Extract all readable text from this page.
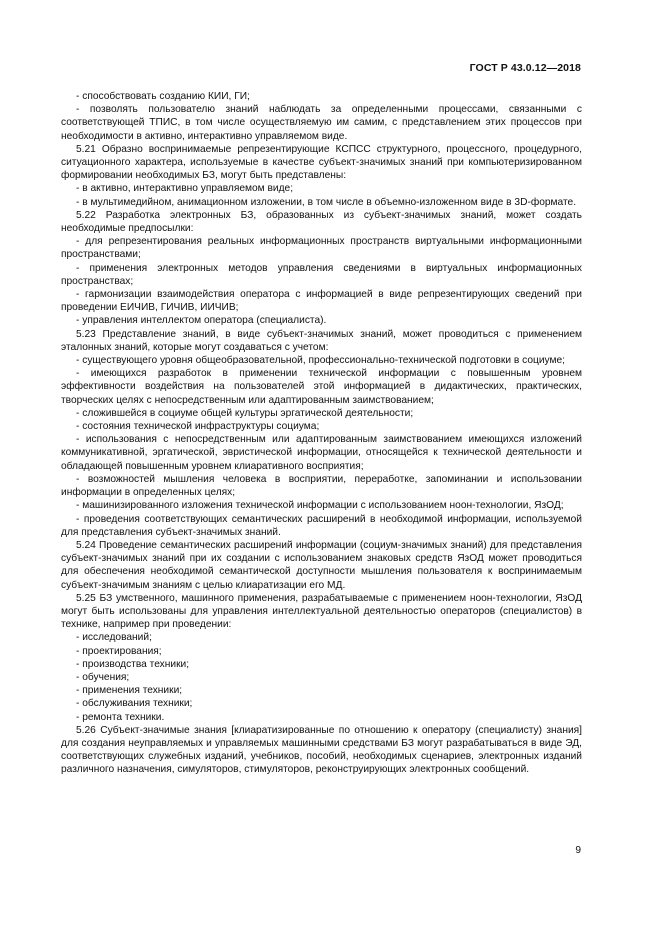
ГОСТ Р 43.0.12—2018

- способствовать созданию КИИ, ГИ;

- позволять пользователю знаний наблюдать за определенными процессами, связанными с соответствующей ТПИС, в том числе осуществляемую им самим, с представлением этих процессов при необходимости в активно, интерактивно управляемом виде.

5.21 Образно воспринимаемые репрезентирующие КСПСС структурного, процессного, процедурного, ситуационного характера, используемые в качестве субъект-значимых знаний при компьютеризированном формировании необходимых БЗ, могут быть представлены:

- в активно, интерактивно управляемом виде;

- в мультимедийном, анимационном изложении, в том числе в объемно-изложенном виде в 3D-формате.

5.22 Разработка электронных БЗ, образованных из субъект-значимых знаний, может создать необходимые предпосылки:

- для репрезентирования реальных информационных пространств виртуальными информационными пространствами;

- применения электронных методов управления сведениями в виртуальных информационных пространствах;

- гармонизации взаимодействия оператора с информацией в виде репрезентирующих сведений при проведении ЕИЧИВ, ГИЧИВ, ИИЧИВ;

- управления интеллектом оператора (специалиста).

5.23 Представление знаний, в виде субъект-значимых знаний, может проводиться с применением эталонных знаний, которые могут создаваться с учетом:

- существующего уровня общеобразовательной, профессионально-технической подготовки в социуме;

- имеющихся разработок в применении технической информации с повышенным уровнем эффективности воздействия на пользователей этой информацией в дидактических, практических, творческих целях с непосредственным или адаптированным заимствованием;

- сложившейся в социуме общей культуры эргатической деятельности;

- состояния технической инфраструктуры социума;

- использования с непосредственным или адаптированным заимствованием имеющихся изложений коммуникативной, эргатической, эвристической информации, относящейся к технической деятельности и обладающей повышенным уровнем клиаративного восприятия;

- возможностей мышления человека в восприятии, переработке, запоминании и использовании информации в определенных целях;

- машинизированного изложения технической информации с использованием ноон-технологии, ЯзОД;

- проведения соответствующих семантических расширений в необходимой информации, используемой для представления субъект-значимых знаний.

5.24 Проведение семантических расширений информации (социум-значимых знаний) для представления субъект-значимых знаний при их создании с использованием знаковых средств ЯзОД может проводиться для обеспечения необходимой семантической доступности мышления пользователя к воспринимаемым субъект-значимым знаниям с целью клиаратизации его МД.

5.25 БЗ умственного, машинного применения, разрабатываемые с применением ноон-технологии, ЯзОД могут быть использованы для управления интеллектуальной деятельностью операторов (специалистов) в технике, например при проведении:

- исследований;

- проектирования;

- производства техники;

- обучения;

- применения техники;

- обслуживания техники;

- ремонта техники.

5.26 Субъект-значимые знания [клиаратизированные по отношению к оператору (специалисту) знания] для создания неуправляемых и управляемых машинными средствами БЗ могут разрабатываться в виде ЭД, соответствующих служебных изданий, учебников, пособий, необходимых сценариев, электронных изданий различного назначения, симуляторов, стимуляторов, реконструирующих электронных сообщений.

9
